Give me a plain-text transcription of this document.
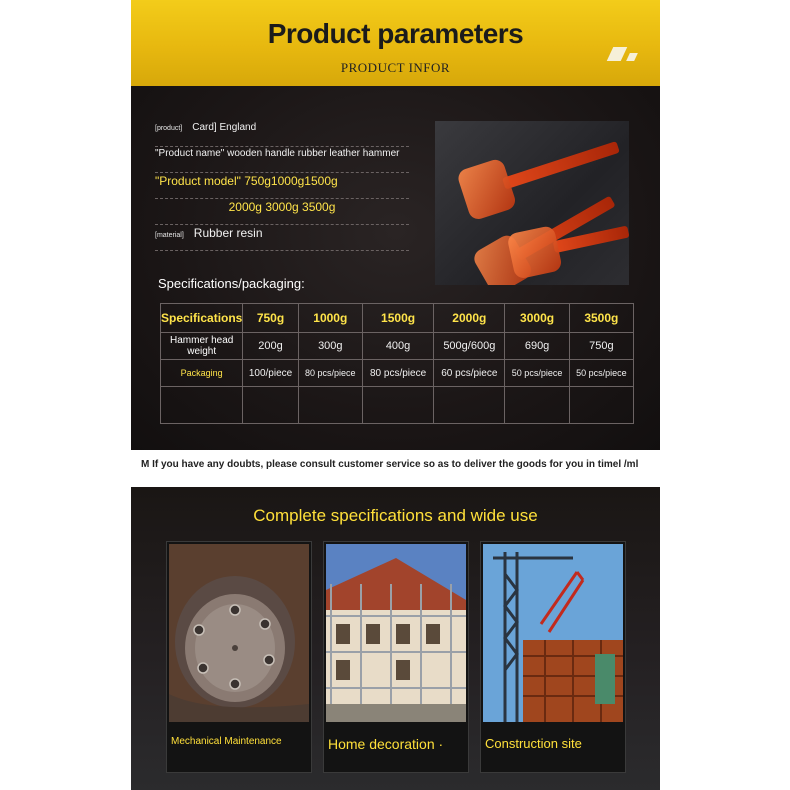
Product parameters
PRODUCT INFOR
[product] Card] England
"Product name" wooden handle rubber leather hammer
"Product model" 750g1000g1500g
2000g 3000g 3500g
[material] Rubber resin
Specifications/packaging:
Specifications	750g	1000g	1500g	2000g	3000g	3500g
Hammer head weight	200g	300g	400g	500g/600g	690g	750g
Packaging	100/piece	80 pcs/piece	80 pcs/piece	60 pcs/piece	50 pcs/piece	50 pcs/piece

M If you have any doubts, please consult customer service so as to deliver the goods for you in timel /ml
Complete specifications and wide use
Mechanical Maintenance	Home decoration ·	Construction site
